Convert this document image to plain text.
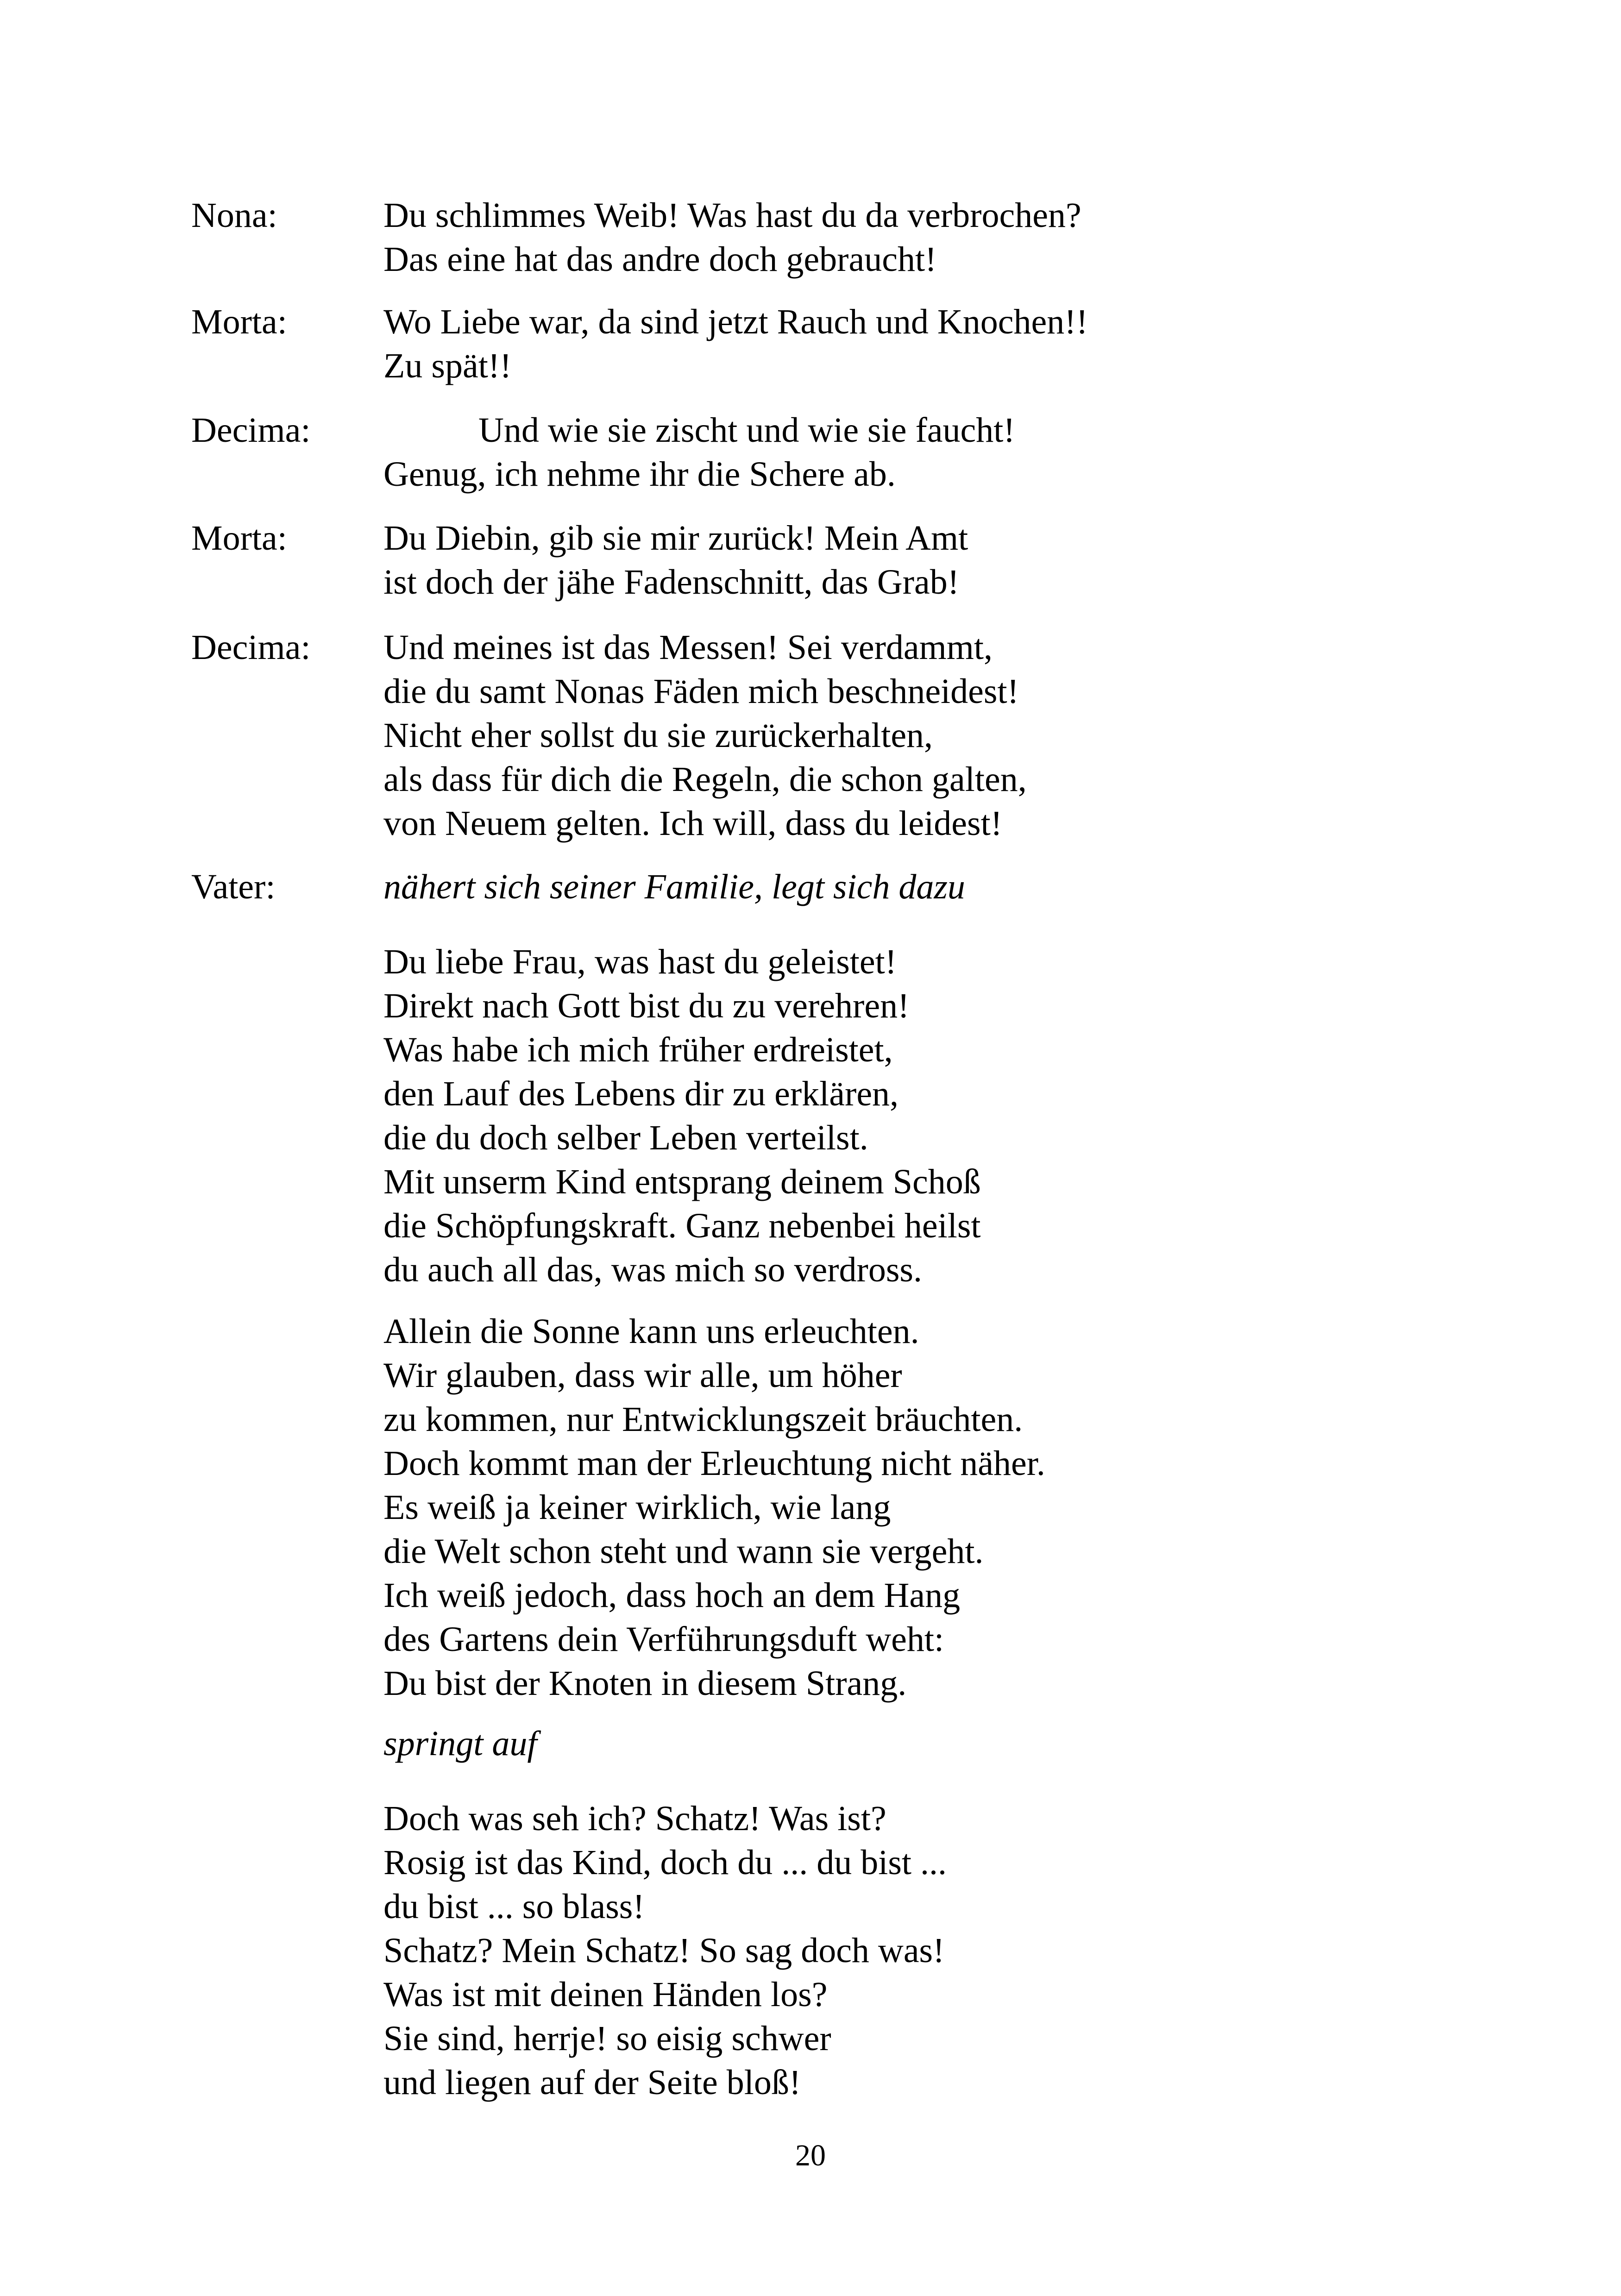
Nona:	Du schlimmes Weib! Was hast du da verbrochen?
Das eine hat das andre doch gebraucht!
Morta:	Wo Liebe war, da sind jetzt Rauch und Knochen!!
Zu spät!!
Decima:	Und wie sie zischt und wie sie faucht!
Genug, ich nehme ihr die Schere ab.
Morta:	Du Diebin, gib sie mir zurück! Mein Amt
ist doch der jähe Fadenschnitt, das Grab!
Decima: Und meines ist das Messen! Sei verdammt,
die du samt Nonas Fäden mich beschneidest!
Nicht eher sollst du sie zurückerhalten,
als dass für dich die Regeln, die schon galten,
von Neuem gelten. Ich will, dass du leidest!
Vater:	nähert sich seiner Familie, legt sich dazu
Du liebe Frau, was hast du geleistet!
Direkt nach Gott bist du zu verehren!
Was habe ich mich früher erdreistet,
den Lauf des Lebens dir zu erklären,
die du doch selber Leben verteilst.
Mit unserm Kind entsprang deinem Schoß
die Schöpfungskraft. Ganz nebenbei heilst
du auch all das, was mich so verdross.
Allein die Sonne kann uns erleuchten.
Wir glauben, dass wir alle, um höher
zu kommen, nur Entwicklungszeit bräuchten.
Doch kommt man der Erleuchtung nicht näher.
Es weiß ja keiner wirklich, wie lang
die Welt schon steht und wann sie vergeht.
Ich weiß jedoch, dass hoch an dem Hang
des Gartens dein Verführungsduft weht:
Du bist der Knoten in diesem Strang.
springt auf
Doch was seh ich? Schatz! Was ist?
Rosig ist das Kind, doch du ... du bist ...
du bist ... so blass!
Schatz? Mein Schatz! So sag doch was!
Was ist mit deinen Händen los?
Sie sind, herrje! so eisig schwer
und liegen auf der Seite bloß!
20
